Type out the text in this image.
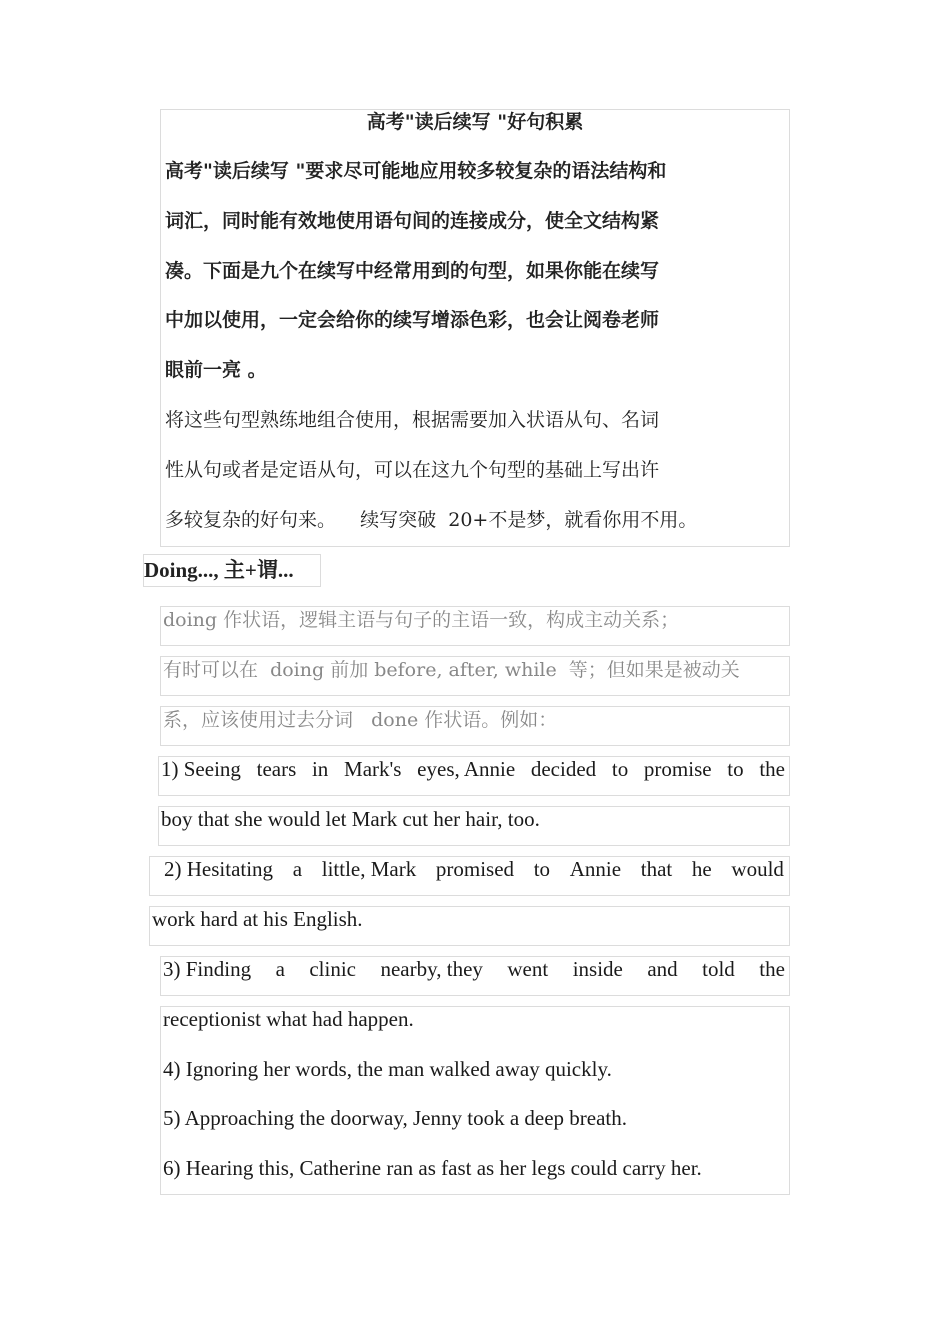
高考"读后续写 "好句积累
高考"读后续写 "要求尽可能地应用较多较复杂的语法结构和
词汇，同时能有效地使用语句间的连接成分，使全文结构紧
凑。下面是九个在续写中经常用到的句型，如果你能在续写
中加以使用，一定会给你的续写增添色彩，也会让阅卷老师
眼前一亮 。
将这些句型熟练地组合使用，根据需要加入状语从句、名词
性从句或者是定语从句，可以在这九个句型的基础上写出许
多较复杂的好句来。    续写突破  20+不是梦，就看你用不用。
Doing..., 主+谓...
doing 作状语，逻辑主语与句子的主语一致，构成主动关系；
有时可以在  doing 前加 before, after, while  等；但如果是被动关
系，应该使用过去分词   done 作状语。例如：
1) Seeing tears in Mark's eyes, Annie decided to promise to the
boy that she would let Mark cut her hair, too.
2) Hesitating a little, Mark promised to Annie that he would
work hard at his English.
3) Finding a clinic nearby, they went inside and told the
receptionist what had happen.
4) Ignoring her words, the man walked away quickly.
5) Approaching the doorway, Jenny took a deep breath.
6) Hearing this, Catherine ran as fast as her legs could carry her.
